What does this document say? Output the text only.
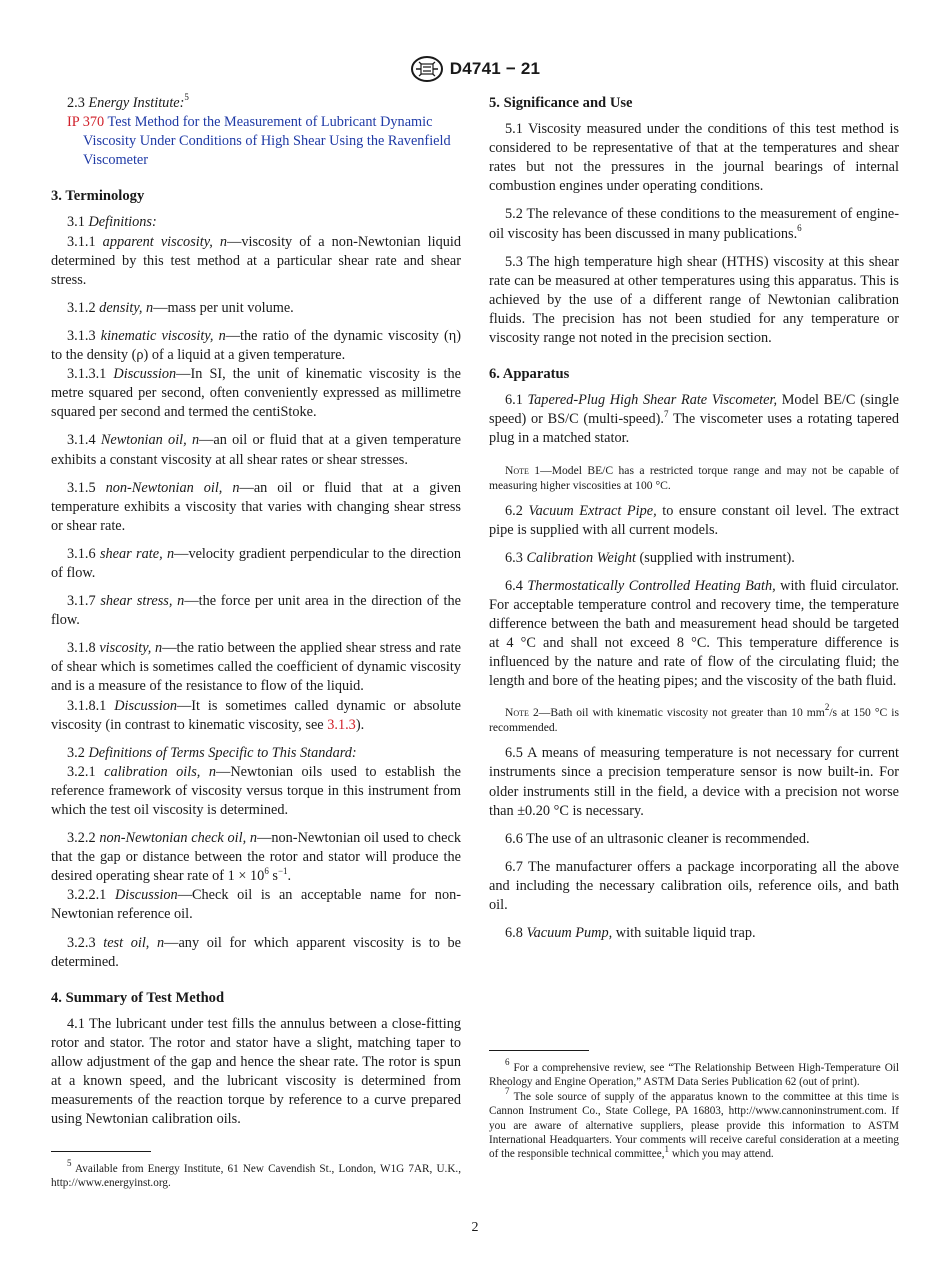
D4741 − 21

2.3 Energy Institute:$^5$

IP 370 Test Method for the Measurement of Lubricant Dynamic Viscosity Under Conditions of High Shear Using the Ravenfield Viscometer

3. Terminology

3.1 Definitions:

3.1.1 apparent viscosity, n—viscosity of a non-Newtonian liquid determined by this test method at a particular shear rate and shear stress.

3.1.2 density, n—mass per unit volume.

3.1.3 kinematic viscosity, n—the ratio of the dynamic viscosity (η) to the density (ρ) of a liquid at a given temperature.

3.1.3.1 Discussion—In SI, the unit of kinematic viscosity is the metre squared per second, often conveniently expressed as millimetre squared per second and termed the centiStoke.

3.1.4 Newtonian oil, n—an oil or fluid that at a given temperature exhibits a constant viscosity at all shear rates or shear stresses.

3.1.5 non-Newtonian oil, n—an oil or fluid that at a given temperature exhibits a viscosity that varies with changing shear stress or shear rate.

3.1.6 shear rate, n—velocity gradient perpendicular to the direction of flow.

3.1.7 shear stress, n—the force per unit area in the direction of the flow.

3.1.8 viscosity, n—the ratio between the applied shear stress and rate of shear which is sometimes called the coefficient of dynamic viscosity and is a measure of the resistance to flow of the liquid.

3.1.8.1 Discussion—It is sometimes called dynamic or absolute viscosity (in contrast to kinematic viscosity, see 3.1.3).

3.2 Definitions of Terms Specific to This Standard:

3.2.1 calibration oils, n—Newtonian oils used to establish the reference framework of viscosity versus torque in this instrument from which the test oil viscosity is determined.

3.2.2 non-Newtonian check oil, n—non-Newtonian oil used to check that the gap or distance between the rotor and stator will produce the desired operating shear rate of $1 \times 10^6$ $s^{-1}$.

3.2.2.1 Discussion—Check oil is an acceptable name for non-Newtonian reference oil.

3.2.3 test oil, n—any oil for which apparent viscosity is to be determined.

4. Summary of Test Method

4.1 The lubricant under test fills the annulus between a close-fitting rotor and stator. The rotor and stator have a slight, matching taper to allow adjustment of the gap and hence the shear rate. The rotor is spun at a known speed, and the lubricant viscosity is determined from measurements of the reaction torque by reference to a curve prepared using Newtonian calibration oils.

$^5$ Available from Energy Institute, 61 New Cavendish St., London, W1G 7AR, U.K., http://www.energyinst.org.

5. Significance and Use

5.1 Viscosity measured under the conditions of this test method is considered to be representative of that at the temperatures and shear rates but not the pressures in the journal bearings of internal combustion engines under operating conditions.

5.2 The relevance of these conditions to the measurement of engine-oil viscosity has been discussed in many publications.$^6$

5.3 The high temperature high shear (HTHS) viscosity at this shear rate can be measured at other temperatures using this apparatus. This is achieved by the use of a different range of Newtonian calibration fluids. The precision has not been studied for any temperature or viscosity range not noted in the precision section.

6. Apparatus

6.1 Tapered-Plug High Shear Rate Viscometer, Model BE/C (single speed) or BS/C (multi-speed).$^7$ The viscometer uses a rotating tapered plug in a matched stator.

Note 1—Model BE/C has a restricted torque range and may not be capable of measuring higher viscosities at 100 °C.

6.2 Vacuum Extract Pipe, to ensure constant oil level. The extract pipe is supplied with all current models.

6.3 Calibration Weight (supplied with instrument).

6.4 Thermostatically Controlled Heating Bath, with fluid circulator. For acceptable temperature control and recovery time, the temperature difference between the bath and measurement head should be targeted at 4 °C and shall not exceed 8 °C. This temperature difference is influenced by the nature and rate of flow of the circulating fluid; the length and bore of the heating pipes; and the viscosity of the bath fluid.

Note 2—Bath oil with kinematic viscosity not greater than 10 $mm^2/s$ at 150 °C is recommended.

6.5 A means of measuring temperature is not necessary for current instruments since a precision temperature sensor is now built-in. For older instruments still in the field, a device with a precision not worse than ±0.20 °C is necessary.

6.6 The use of an ultrasonic cleaner is recommended.

6.7 The manufacturer offers a package incorporating all the above and including the necessary calibration oils, reference oils, and bath oil.

6.8 Vacuum Pump, with suitable liquid trap.

$^6$ For a comprehensive review, see “The Relationship Between High-Temperature Oil Rheology and Engine Operation,” ASTM Data Series Publication 62 (out of print).

$^7$ The sole source of supply of the apparatus known to the committee at this time is Cannon Instrument Co., State College, PA 16803, http://www.cannoninstrument.com. If you are aware of alternative suppliers, please provide this information to ASTM International Headquarters. Your comments will receive careful consideration at a meeting of the responsible technical committee,$^1$ which you may attend.

2
